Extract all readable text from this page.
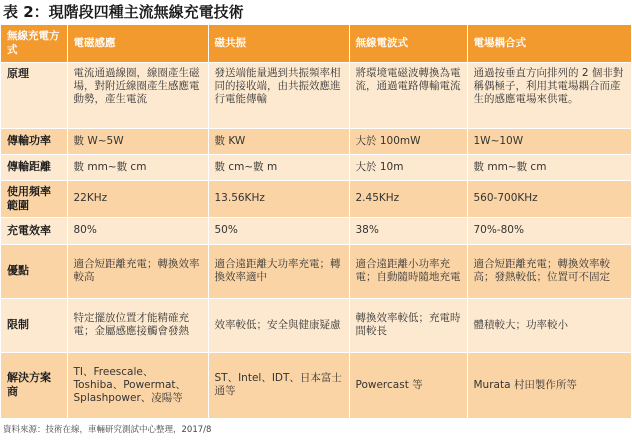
表 2：現階段四種主流無線充電技術
無線充電方式	電磁感應	磁共振	無線電波式	電場耦合式
原理	電流通過線圈，線圈產生磁場，對附近線圈產生感應電動勢，產生電流	發送端能量遇到共振頻率相同的接收端，由共振效應進行電能傳輸	將環境電磁波轉換為電流，通過電路傳輸電流	通過按垂直方向排列的 2 個非對稱偶極子，利用其電場耦合而產生的感應電場來供電。
傳輸功率	數 W~5W	數 KW	大於 100mW	1W~10W
傳輸距離	數 mm~數 cm	數 cm~數 m	大於 10m	數 mm~數 cm
使用頻率範圍	22KHz	13.56KHz	2.45KHz	560-700KHz
充電效率	80%	50%	38%	70%-80%
優點	適合短距離充電；轉換效率較高	適合遠距離大功率充電；轉換效率適中	適合遠距離小功率充電；自動隨時隨地充電	適合短距離充電；轉換效率較高；發熱較低；位置可不固定
限制	特定擺放位置才能精確充電；金屬感應接觸會發熱	效率較低；安全與健康疑慮	轉換效率較低；充電時間較長	體積較大；功率較小
解決方案商	TI、Freescale、Toshiba、Powermat、Splashpower、凌陽等	ST、Intel、IDT、日本富士通等	Powercast 等	Murata 村田製作所等
資料來源：技術在線，車輛研究測試中心整理，2017/8
